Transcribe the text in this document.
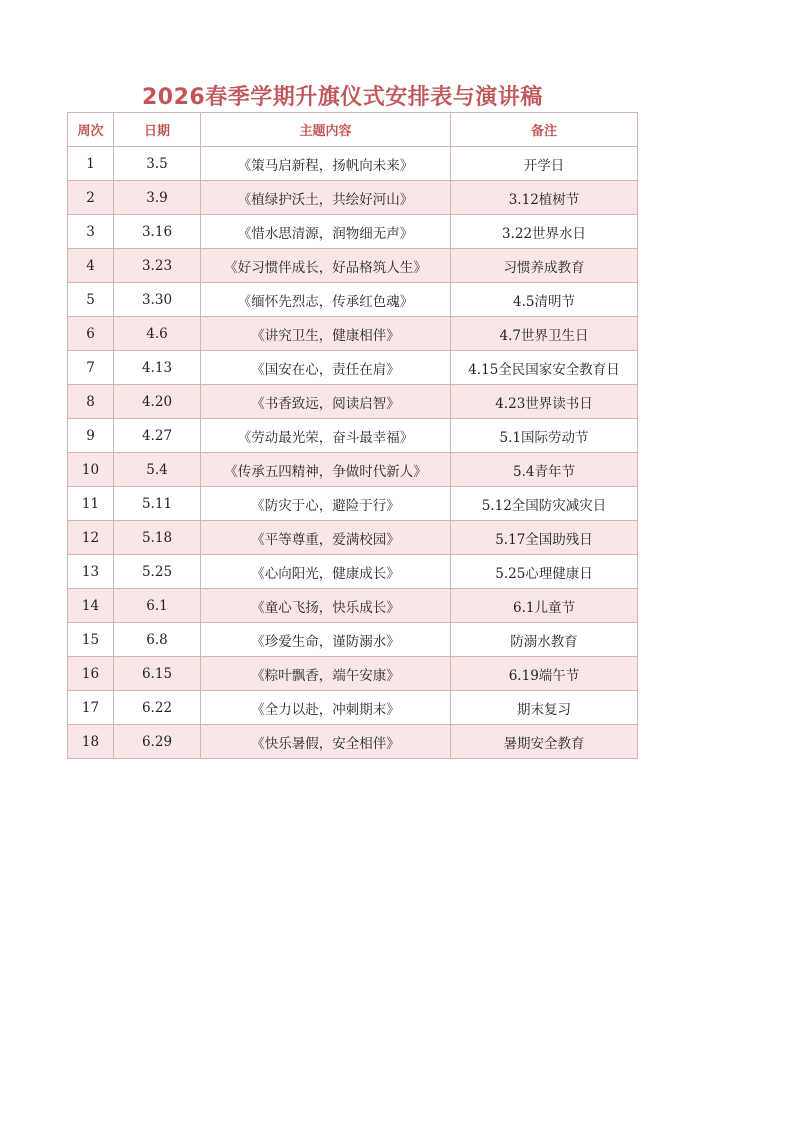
2026春季学期升旗仪式安排表与演讲稿
周次	日期	主题内容	备注
1	3.5	《策马启新程，扬帆向未来》	开学日
2	3.9	《植绿护沃土，共绘好河山》	3.12植树节
3	3.16	《惜水思清源，润物细无声》	3.22世界水日
4	3.23	《好习惯伴成长，好品格筑人生》	习惯养成教育
5	3.30	《缅怀先烈志，传承红色魂》	4.5清明节
6	4.6	《讲究卫生，健康相伴》	4.7世界卫生日
7	4.13	《国安在心，责任在肩》	4.15全民国家安全教育日
8	4.20	《书香致远，阅读启智》	4.23世界读书日
9	4.27	《劳动最光荣，奋斗最幸福》	5.1国际劳动节
10	5.4	《传承五四精神，争做时代新人》	5.4青年节
11	5.11	《防灾于心，避险于行》	5.12全国防灾减灾日
12	5.18	《平等尊重，爱满校园》	5.17全国助残日
13	5.25	《心向阳光，健康成长》	5.25心理健康日
14	6.1	《童心飞扬，快乐成长》	6.1儿童节
15	6.8	《珍爱生命，谨防溺水》	防溺水教育
16	6.15	《粽叶飘香，端午安康》	6.19端午节
17	6.22	《全力以赴，冲刺期末》	期末复习
18	6.29	《快乐暑假，安全相伴》	暑期安全教育
